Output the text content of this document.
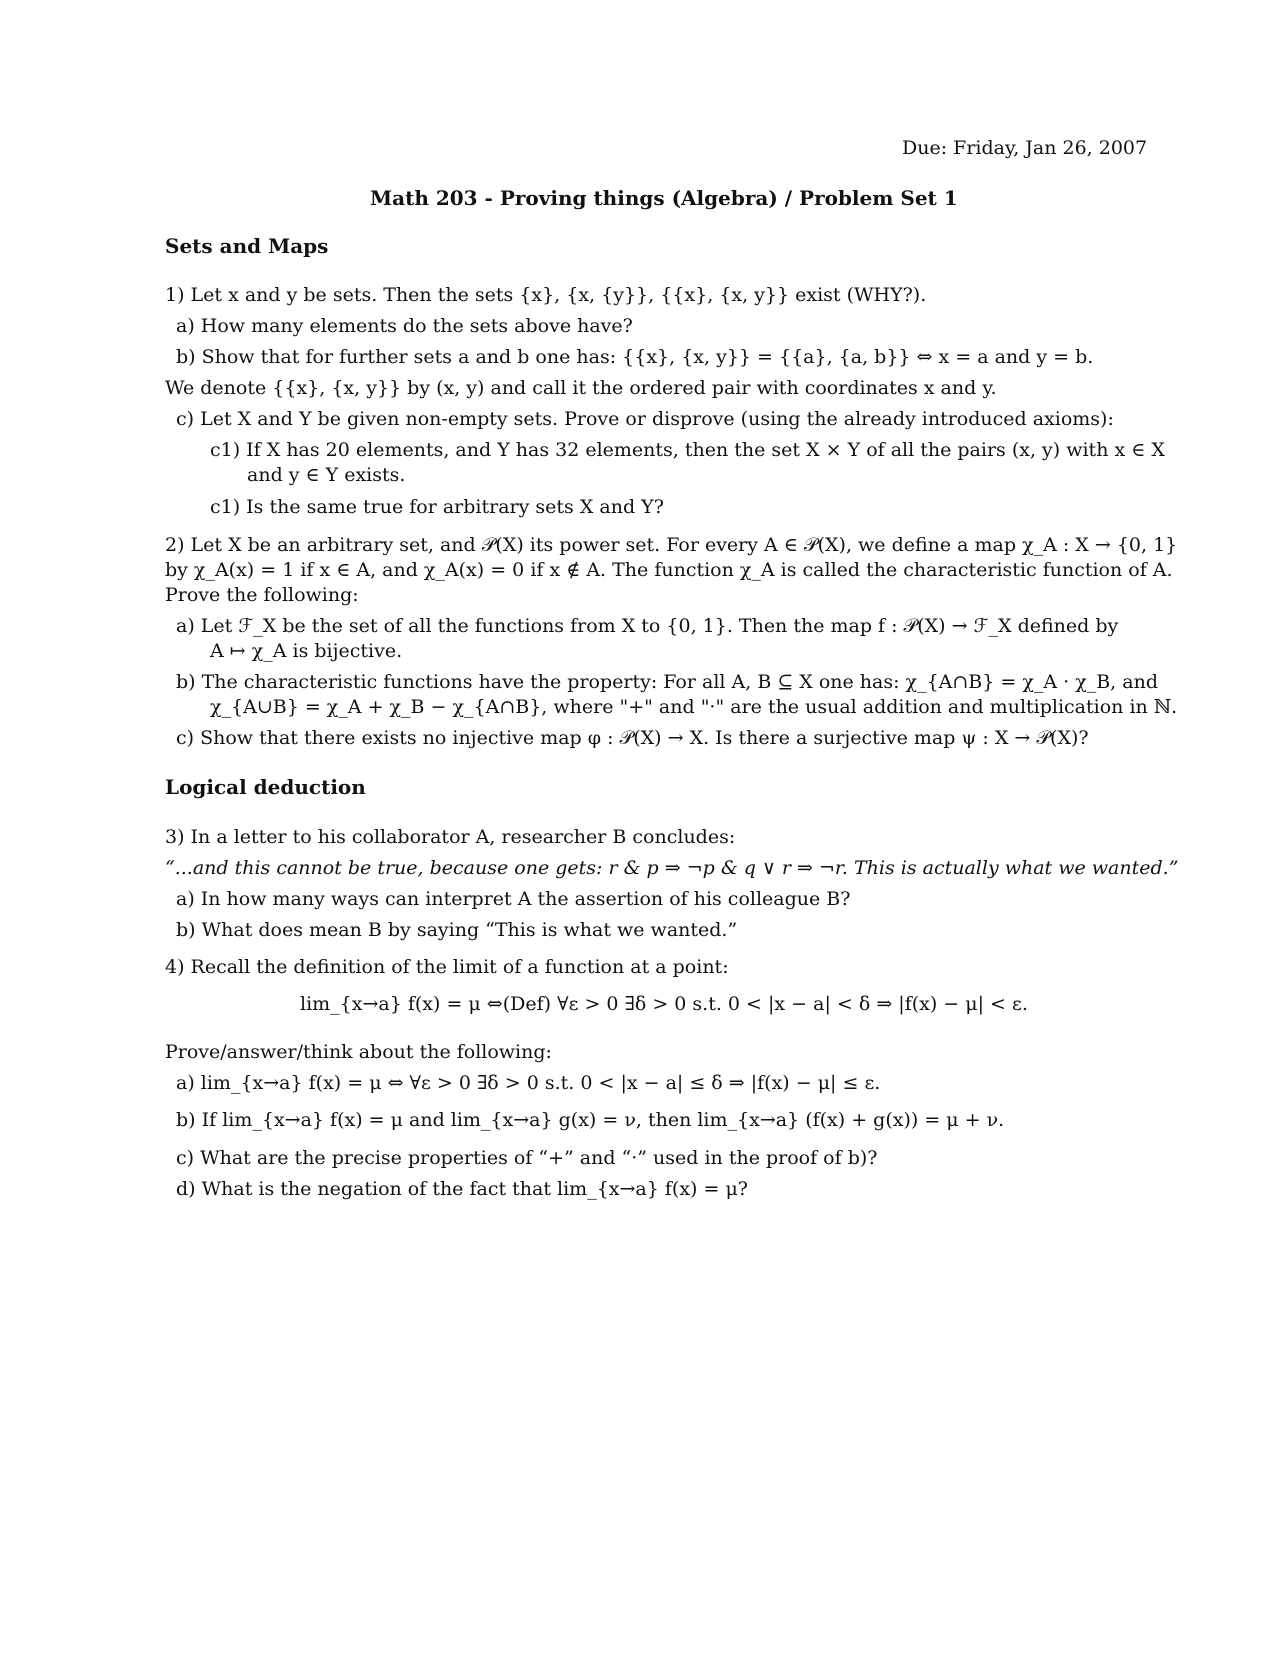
Due: Friday, Jan 26, 2007
Math 203 - Proving things (Algebra) / Problem Set 1
Sets and Maps
1) Let x and y be sets. Then the sets {x}, {x, {y}}, {{x}, {x, y}} exist (WHY?).
a) How many elements do the sets above have?
b) Show that for further sets a and b one has: {{x}, {x, y}} = {{a}, {a, b}} ⇔ x = a and y = b.
We denote {{x}, {x, y}} by (x, y) and call it the ordered pair with coordinates x and y.
c) Let X and Y be given non-empty sets. Prove or disprove (using the already introduced axioms):
c1) If X has 20 elements, and Y has 32 elements, then the set X × Y of all the pairs (x, y) with x ∈ X
and y ∈ Y exists.
c1) Is the same true for arbitrary sets X and Y?
2) Let X be an arbitrary set, and 𝒫(X) its power set. For every A ∈ 𝒫(X), we define a map χ_A : X → {0, 1}
by χ_A(x) = 1 if x ∈ A, and χ_A(x) = 0 if x ∉ A. The function χ_A is called the characteristic function of A.
Prove the following:
a) Let ℱ_X be the set of all the functions from X to {0, 1}. Then the map f : 𝒫(X) → ℱ_X defined by
A ↦ χ_A is bijective.
b) The characteristic functions have the property: For all A, B ⊆ X one has: χ_{A∩B} = χ_A · χ_B, and
χ_{A∪B} = χ_A + χ_B − χ_{A∩B}, where "+" and "·" are the usual addition and multiplication in ℕ.
c) Show that there exists no injective map φ : 𝒫(X) → X. Is there a surjective map ψ : X → 𝒫(X)?
Logical deduction
3) In a letter to his collaborator A, researcher B concludes:
“...and this cannot be true, because one gets: r & p ⇒ ¬p & q ∨ r ⇒ ¬r. This is actually what we wanted.”
a) In how many ways can interpret A the assertion of his colleague B?
b) What does mean B by saying “This is what we wanted.”
4) Recall the definition of the limit of a function at a point:
lim_{x→a} f(x) = μ ⇔(Def) ∀ε > 0 ∃δ > 0 s.t. 0 < |x − a| < δ ⇒ |f(x) − μ| < ε.
Prove/answer/think about the following:
a) lim_{x→a} f(x) = μ ⇔ ∀ε > 0 ∃δ > 0 s.t. 0 < |x − a| ≤ δ ⇒ |f(x) − μ| ≤ ε.
b) If lim_{x→a} f(x) = μ and lim_{x→a} g(x) = ν, then lim_{x→a} (f(x) + g(x)) = μ + ν.
c) What are the precise properties of “+” and “·” used in the proof of b)?
d) What is the negation of the fact that lim_{x→a} f(x) = μ?
